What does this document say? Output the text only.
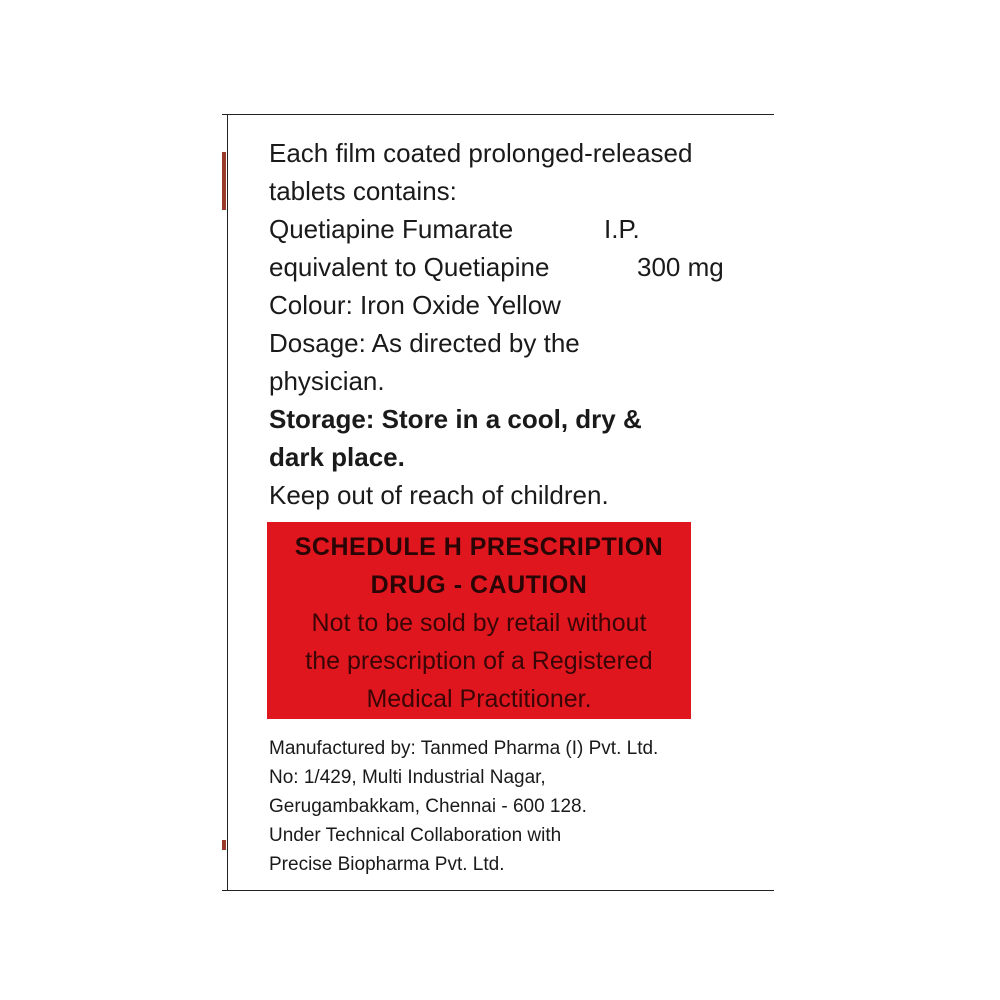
Each film coated prolonged-released
tablets contains:
Quetiapine Fumarate	I.P.
equivalent to Quetiapine	300 mg
Colour: Iron Oxide Yellow
Dosage: As directed by the
physician.
Storage: Store in a cool, dry &
dark place.
Keep out of reach of children.
SCHEDULE H PRESCRIPTION
DRUG - CAUTION
Not to be sold by retail without
the prescription of a Registered
Medical Practitioner.
Manufactured by: Tanmed Pharma (I) Pvt. Ltd.
No: 1/429, Multi Industrial Nagar,
Gerugambakkam, Chennai - 600 128.
Under Technical Collaboration with
Precise Biopharma Pvt. Ltd.
